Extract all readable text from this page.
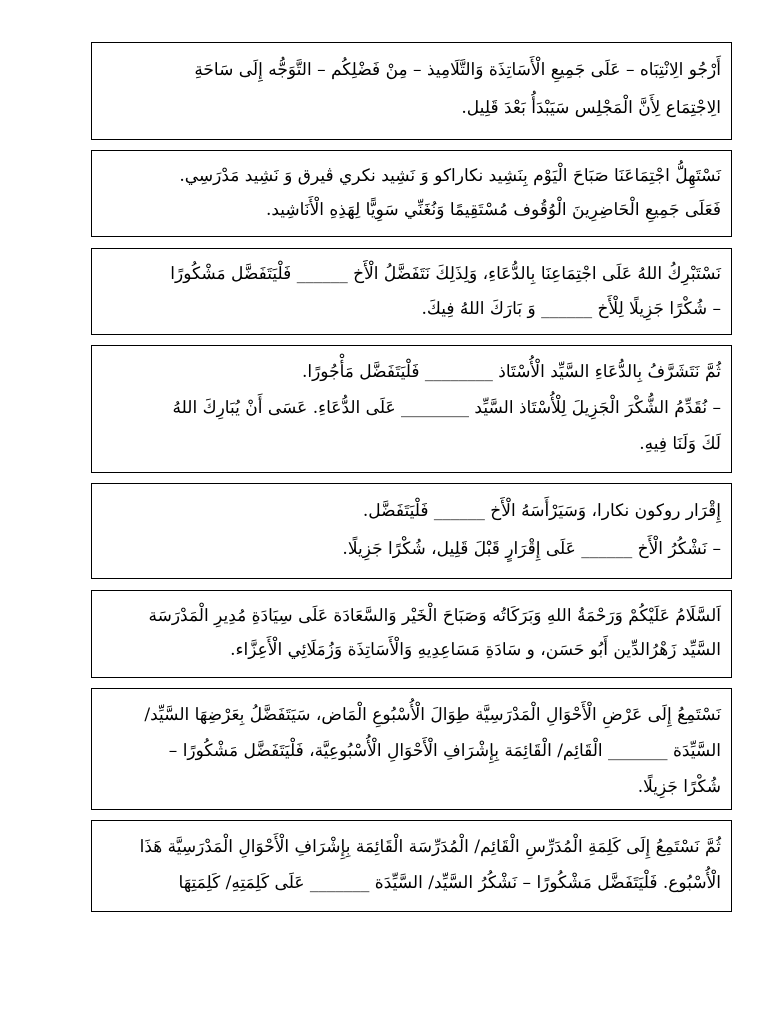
أَرْجُو الِانْتِبَاه – عَلَى جَمِيعِ الْأَسَاتِذَة وَالتَّلَامِيذ – مِنْ فَضْلِكُم – التَّوَجُّه إِلَى سَاحَةِ
الِاجْتِمَاع لِأَنَّ الْمَجْلِس سَيَبْدَأُ بَعْدَ قَلِيل.
نَسْتَهِلُّ اجْتِمَاعَنَا صَبَاحَ الْيَوْم بِنَشِيد نكاراكو وَ نَشِيد نكري ڤيرق وَ نَشِيد مَدْرَسِي.
فَعَلَى جَمِيعِ الْحَاضِرِينَ الْوُقُوف مُسْتَقِيمًا وَنُغَنِّي سَوِيًّا لِهَذِهِ الْأَنَاشِيد.
نَسْتَبْرِكُ اللهُ عَلَى اجْتِمَاعِنَا بِالدُّعَاءِ، وَلِذَلِكَ نَتَفَضَّلُ الْأَخ ______ فَلْيَتَفَضَّل مَشْكُورًا
– شُكْرًا جَزِيلًا لِلْأَخ ______ وَ بَارَكَ اللهُ فِيكَ.
ثُمَّ نَتَشَرَّفُ بِالدُّعَاءِ السَّيِّد الْأُسْتَاذ ________ فَلْيَتَفَضَّل مَأْجُورًا.
– نُقَدِّمُ الشُّكْرَ الْجَزِيلَ لِلْأُسْتَاذ السَّيِّد ________ عَلَى الدُّعَاءِ. عَسَى أَنْ يُبَارِكَ اللهُ
لَكَ وَلَنَا فِيهِ.
إِقْرَار روكون نكارا، وَسَيَرْأَسَهُ الْأَخ ______ فَلْيَتَفَضَّل.
– نَشْكُرُ الْأَخ ______ عَلَى إِقْرَارٍ قَبْلَ قَلِيل، شُكْرًا جَزِيلًا.
اَلسَّلَامُ عَلَيْكُمْ وَرَحْمَةُ اللهِ وَبَرَكَاتُه وَصَبَاحَ الْخَيْر وَالسَّعَادَة عَلَى سِيَادَةِ مُدِيرِ الْمَدْرَسَة
السَّيِّد زَهْرُالدِّين أَبُو حَسَن، و سَادَةِ مَسَاعِدِيهِ وَالْأَسَاتِذَة وَزُمَلَائِي الْأَعِزَّاء.
نَسْتَمِعُ إِلَى عَرْضِ الْأَحْوَالِ الْمَدْرَسِيَّة طِوَالَ الْأُسْبُوعِ الْمَاض، سَيَتَفَضَّلُ بِعَرْضِهَا السَّيِّد/
السَّيِّدَة _______ الْقَائِم/ الْقَائِمَة بِإِشْرَافِ الْأَحْوَالِ الْأُسْبُوعِيَّة، فَلْيَتَفَضَّل مَشْكُورًا –
شُكْرًا جَزِيلًا.
ثُمَّ نَسْتَمِعُ إِلَى كَلِمَةِ الْمُدَرِّسِ الْقَائِم/ الْمُدَرِّسَة الْقَائِمَة بِإِشْرَافِ الْأَحْوَالِ الْمَدْرَسِيَّة هَذَا
الْأُسْبُوع. فَلْيَتَفَضَّل مَشْكُورًا – نَشْكُرُ السَّيِّد/ السَّيِّدَة _______ عَلَى كَلِمَتِهِ/ كَلِمَتِهَا
